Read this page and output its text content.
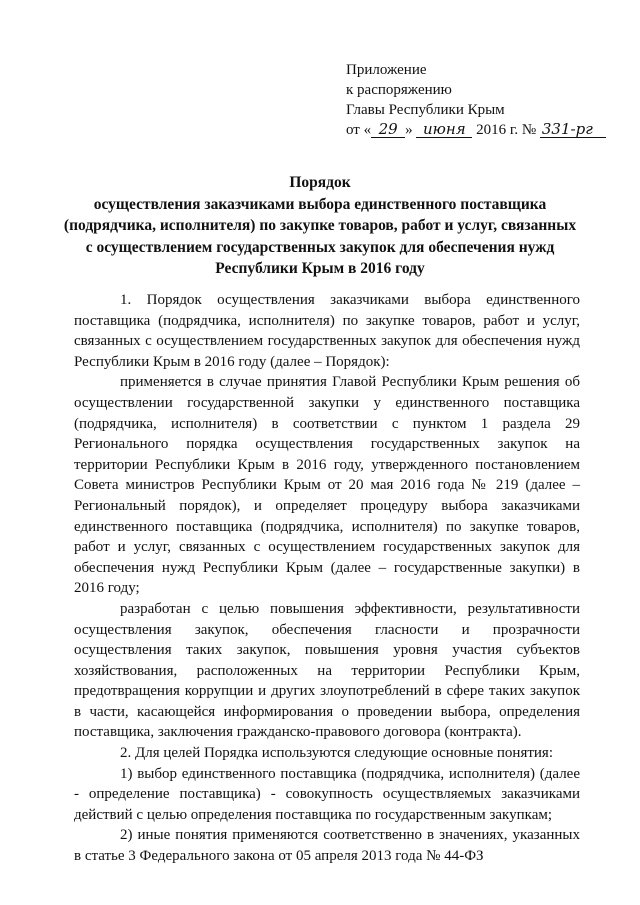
Приложение
к распоряжению
Главы Республики Крым
от « 29 » июня 2016 г. № 331-рг
Порядок
осуществления заказчиками выбора единственного поставщика
(подрядчика, исполнителя) по закупке товаров, работ и услуг, связанных
с осуществлением государственных закупок для обеспечения нужд
Республики Крым в 2016 году

1. Порядок осуществления заказчиками выбора единственного поставщика (подрядчика, исполнителя) по закупке товаров, работ и услуг, связанных с осуществлением государственных закупок для обеспечения нужд Республики Крым в 2016 году (далее – Порядок):

применяется в случае принятия Главой Республики Крым решения об осуществлении государственной закупки у единственного поставщика (подрядчика, исполнителя) в соответствии с пунктом 1 раздела 29 Регионального порядка осуществления государственных закупок на территории Республики Крым в 2016 году, утвержденного постановлением Совета министров Республики Крым от 20 мая 2016 года № 219 (далее – Региональный порядок), и определяет процедуру выбора заказчиками единственного поставщика (подрядчика, исполнителя) по закупке товаров, работ и услуг, связанных с осуществлением государственных закупок для обеспечения нужд Республики Крым (далее – государственные закупки) в 2016 году;

разработан с целью повышения эффективности, результативности осуществления закупок, обеспечения гласности и прозрачности осуществления таких закупок, повышения уровня участия субъектов хозяйствования, расположенных на территории Республики Крым, предотвращения коррупции и других злоупотреблений в сфере таких закупок в части, касающейся информирования о проведении выбора, определения поставщика, заключения гражданско-правового договора (контракта).

2. Для целей Порядка используются следующие основные понятия:

1) выбор единственного поставщика (подрядчика, исполнителя) (далее - определение поставщика) - совокупность осуществляемых заказчиками действий с целью определения поставщика по государственным закупкам;

2) иные понятия применяются соответственно в значениях, указанных в статье 3 Федерального закона от 05 апреля 2013 года № 44-ФЗ
